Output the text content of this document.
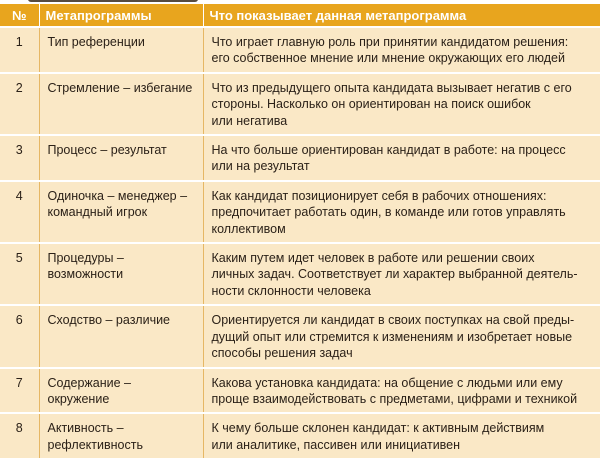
№	Метапрограммы	Что показывает данная метапрограмма

1	Тип референции	Что играет главную роль при принятии кандидатом решения:
его собственное мнение или мнение окружающих его людей

2	Стремление – избегание	Что из предыдущего опыта кандидата вызывает негатив с его
стороны. Насколько он ориентирован на поиск ошибок
или негатива

3	Процесс – результат	На что больше ориентирован кандидат в работе: на процесс
или на результат

4	Одиночка – менеджер –
командный игрок	Как кандидат позиционирует себя в рабочих отношениях:
предпочитает работать один, в команде или готов управлять
коллективом

5	Процедуры – возможности	Каким путем идет человек в работе или решении своих
личных задач. Соответствует ли характер выбранной деятель-
ности склонности человека

6	Сходство – различие	Ориентируется ли кандидат в своих поступках на свой преды-
дущий опыт или стремится к изменениям и изобретает новые
способы решения задач

7	Содержание – окружение	Какова установка кандидата: на общение с людьми или ему
проще взаимодействовать с предметами, цифрами и техникой

8	Активность –
рефлективность	К чему больше склонен кандидат: к активным действиям
или аналитике, пассивен или инициативен
